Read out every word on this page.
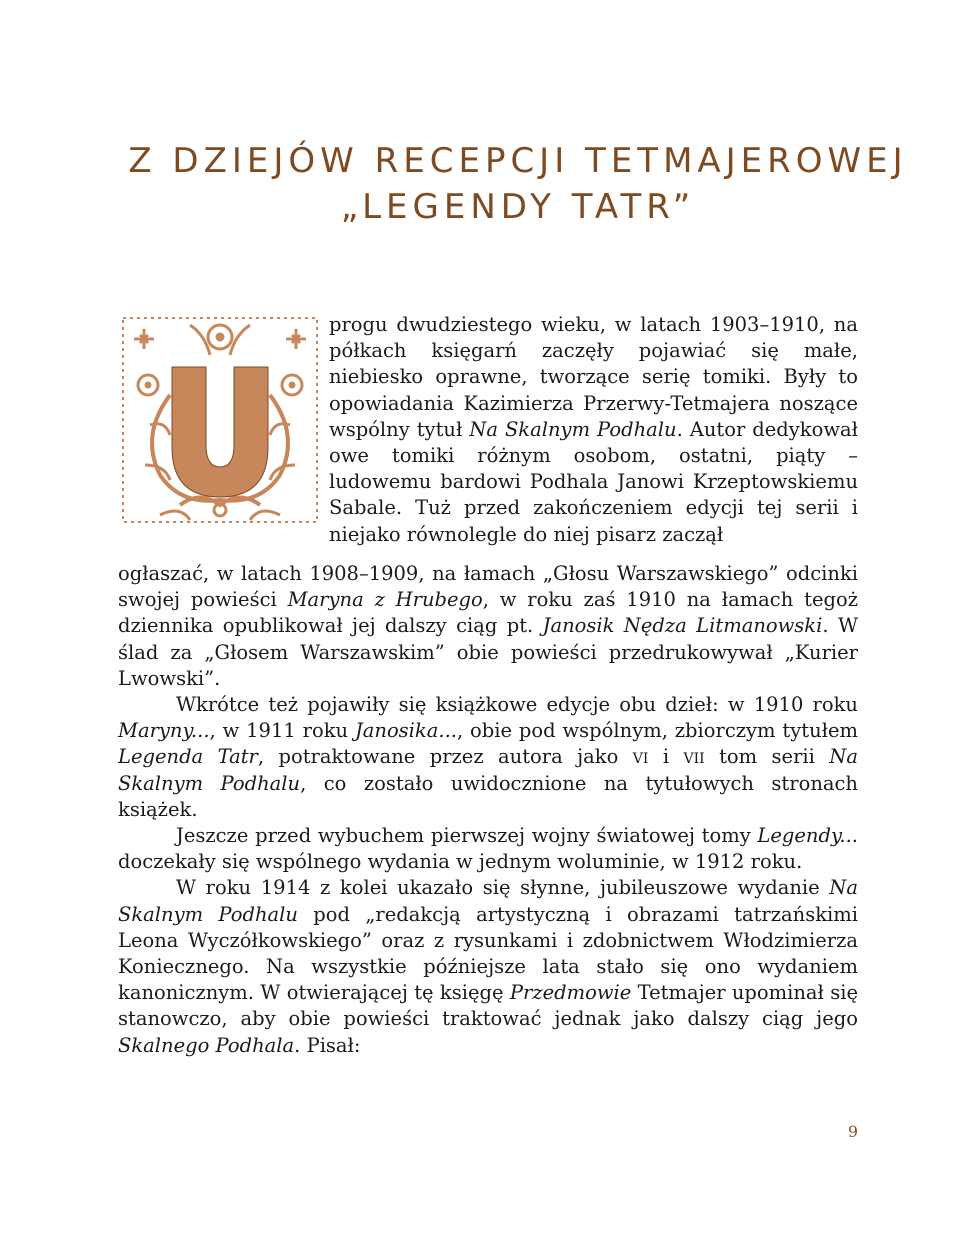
Z DZIEJÓW RECEPCJI TETMAJEROWEJ
„LEGENDY TATR”

progu dwudziestego wieku, w latach 1903–1910, na półkach księgarń zaczęły pojawiać się małe, niebiesko oprawne, tworzące serię tomiki. Były to opowiadania Kazimierza Przerwy-Tetmajera noszące wspólny tytuł Na Skalnym Podhalu. Autor dedykował owe tomiki różnym osobom, ostatni, piąty – ludowemu bardowi Podhala Janowi Krzeptowskiemu Sabale. Tuż przed zakończeniem edycji tej serii i niejako równolegle do niej pisarz zaczął

ogłaszać, w latach 1908–1909, na łamach „Głosu Warszawskiego” odcinki swojej powieści Maryna z Hrubego, w roku zaś 1910 na łamach tegoż dziennika opublikował jej dalszy ciąg pt. Janosik Nędza Litmanowski. W ślad za „Głosem Warszawskim” obie powieści przedrukowywał „Kurier Lwowski”.

Wkrótce też pojawiły się książkowe edycje obu dzieł: w 1910 roku Maryny..., w 1911 roku Janosika..., obie pod wspólnym, zbiorczym tytułem Legenda Tatr, potraktowane przez autora jako vi i vii tom serii Na Skalnym Podhalu, co zostało uwidocznione na tytułowych stronach książek.

Jeszcze przed wybuchem pierwszej wojny światowej tomy Legendy... doczekały się wspólnego wydania w jednym woluminie, w 1912 roku.

W roku 1914 z kolei ukazało się słynne, jubileuszowe wydanie Na Skalnym Podhalu pod „redakcją artystyczną i obrazami tatrzańskimi Leona Wyczółkowskiego” oraz z rysunkami i zdobnictwem Włodzimierza Koniecznego. Na wszystkie późniejsze lata stało się ono wydaniem kanonicznym. W otwierającej tę księgę Przedmowie Tetmajer upominał się stanowczo, aby obie powieści traktować jednak jako dalszy ciąg jego Skalnego Podhala. Pisał:

9
